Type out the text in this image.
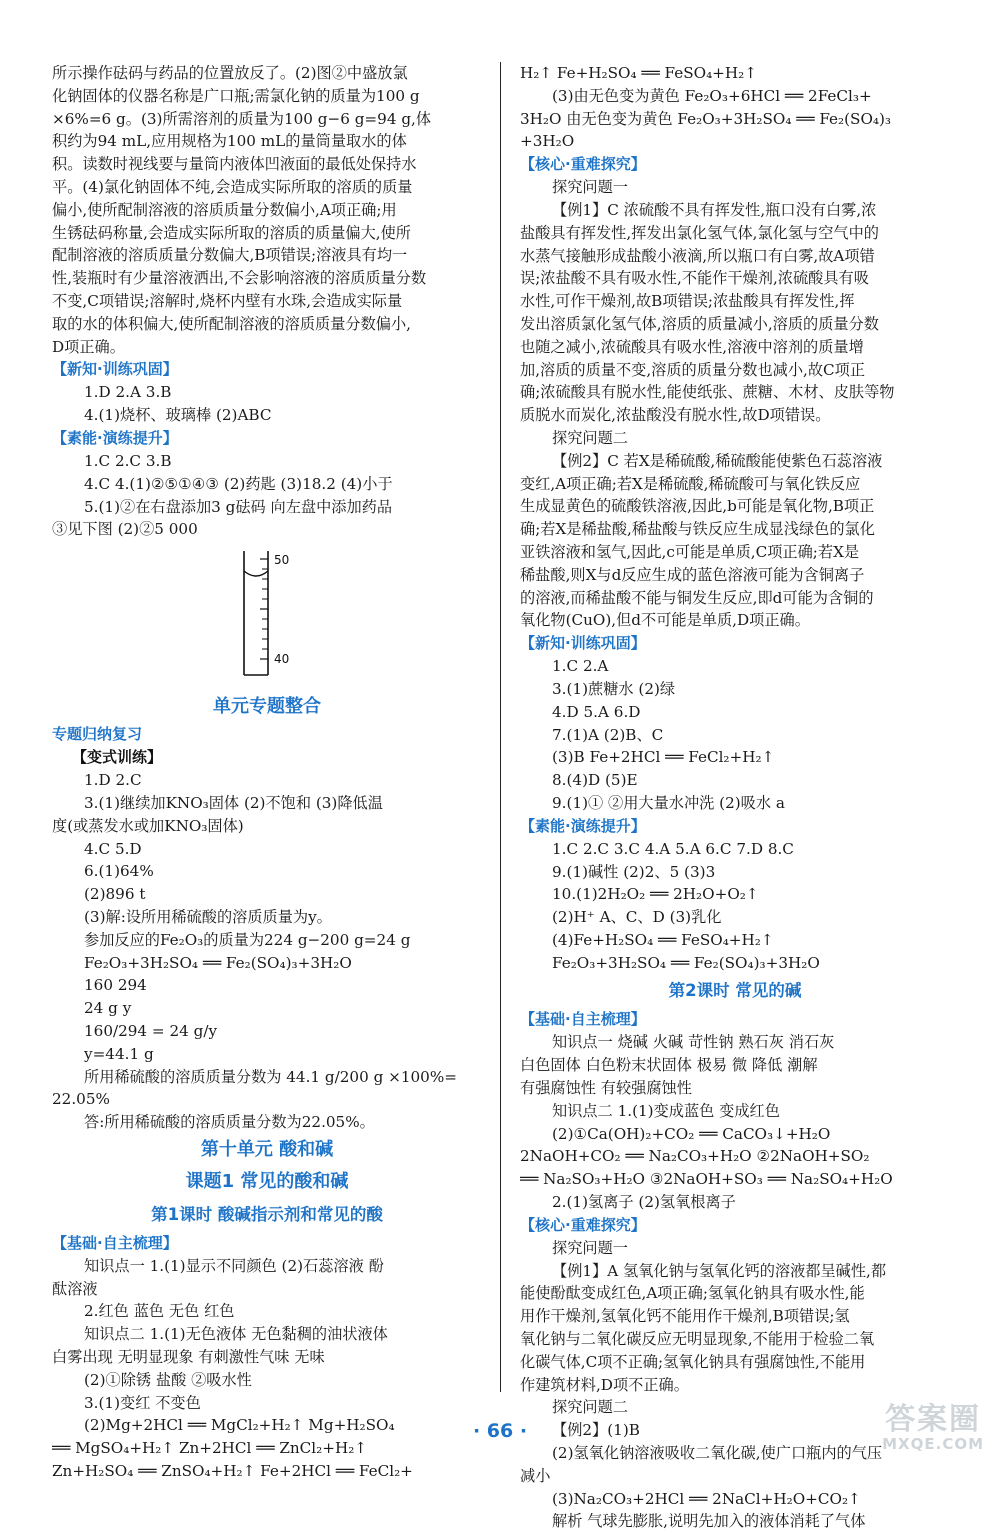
所示操作砝码与药品的位置放反了。(2)图②中盛放氯
化钠固体的仪器名称是广口瓶;需氯化钠的质量为100 g
×6%=6 g。(3)所需溶剂的质量为100 g−6 g=94 g,体
积约为94 mL,应用规格为100 mL的量筒量取水的体
积。读数时视线要与量筒内液体凹液面的最低处保持水
平。(4)氯化钠固体不纯,会造成实际所取的溶质的质量
偏小,使所配制溶液的溶质质量分数偏小,A项正确;用
生锈砝码称量,会造成实际所取的溶质的质量偏大,使所
配制溶液的溶质质量分数偏大,B项错误;溶液具有均一
性,装瓶时有少量溶液洒出,不会影响溶液的溶质质量分数
不变,C项错误;溶解时,烧杯内壁有水珠,会造成实际量
取的水的体积偏大,使所配制溶液的溶质质量分数偏小,
D项正确。
【新知·训练巩固】
1.D 2.A 3.B
4.(1)烧杯、玻璃棒 (2)ABC
【素能·演练提升】
1.C 2.C 3.B
4.C 4.(1)②⑤①④③ (2)药匙 (3)18.2 (4)小于
5.(1)②在右盘添加3 g砝码 向左盘中添加药品
③见下图 (2)②5 000
50
40
单元专题整合
专题归纳复习
【变式训练】
1.D 2.C
3.(1)继续加KNO₃固体 (2)不饱和 (3)降低温
度(或蒸发水或加KNO₃固体)
4.C 5.D
6.(1)64%
(2)896 t
(3)解:设所用稀硫酸的溶质质量为y。
参加反应的Fe₂O₃的质量为224 g−200 g=24 g
Fe₂O₃+3H₂SO₄ ══ Fe₂(SO₄)₃+3H₂O
160 294
24 g y
160/294 = 24 g/y
y=44.1 g
所用稀硫酸的溶质质量分数为 44.1 g/200 g ×100%=
22.05%
答:所用稀硫酸的溶质质量分数为22.05%。
第十单元 酸和碱
课题1 常见的酸和碱
第1课时 酸碱指示剂和常见的酸
【基础·自主梳理】
知识点一 1.(1)显示不同颜色 (2)石蕊溶液 酚
酞溶液
2.红色 蓝色 无色 红色
知识点二 1.(1)无色液体 无色黏稠的油状液体
白雾出现 无明显现象 有刺激性气味 无味
(2)①除锈 盐酸 ②吸水性
3.(1)变红 不变色
(2)Mg+2HCl ══ MgCl₂+H₂↑ Mg+H₂SO₄
══ MgSO₄+H₂↑ Zn+2HCl ══ ZnCl₂+H₂↑
Zn+H₂SO₄ ══ ZnSO₄+H₂↑ Fe+2HCl ══ FeCl₂+
H₂↑ Fe+H₂SO₄ ══ FeSO₄+H₂↑
(3)由无色变为黄色 Fe₂O₃+6HCl ══ 2FeCl₃+
3H₂O 由无色变为黄色 Fe₂O₃+3H₂SO₄ ══ Fe₂(SO₄)₃
+3H₂O
【核心·重难探究】
探究问题一
【例1】C 浓硫酸不具有挥发性,瓶口没有白雾,浓
盐酸具有挥发性,挥发出氯化氢气体,氯化氢与空气中的
水蒸气接触形成盐酸小液滴,所以瓶口有白雾,故A项错
误;浓盐酸不具有吸水性,不能作干燥剂,浓硫酸具有吸
水性,可作干燥剂,故B项错误;浓盐酸具有挥发性,挥
发出溶质氯化氢气体,溶质的质量减小,溶质的质量分数
也随之减小,浓硫酸具有吸水性,溶液中溶剂的质量增
加,溶质的质量不变,溶质的质量分数也减小,故C项正
确;浓硫酸具有脱水性,能使纸张、蔗糖、木材、皮肤等物
质脱水而炭化,浓盐酸没有脱水性,故D项错误。
探究问题二
【例2】C 若X是稀硫酸,稀硫酸能使紫色石蕊溶液
变红,A项正确;若X是稀硫酸,稀硫酸可与氧化铁反应
生成显黄色的硫酸铁溶液,因此,b可能是氧化物,B项正
确;若X是稀盐酸,稀盐酸与铁反应生成显浅绿色的氯化
亚铁溶液和氢气,因此,c可能是单质,C项正确;若X是
稀盐酸,则X与d反应生成的蓝色溶液可能为含铜离子
的溶液,而稀盐酸不能与铜发生反应,即d可能为含铜的
氧化物(CuO),但d不可能是单质,D项正确。
【新知·训练巩固】
1.C 2.A
3.(1)蔗糖水 (2)绿
4.D 5.A 6.D
7.(1)A (2)B、C
(3)B Fe+2HCl ══ FeCl₂+H₂↑
8.(4)D (5)E
9.(1)① ②用大量水冲洗 (2)吸水 a
【素能·演练提升】
1.C 2.C 3.C 4.A 5.A 6.C 7.D 8.C
9.(1)碱性 (2)2、5 (3)3
10.(1)2H₂O₂ ══ 2H₂O+O₂↑
(2)H⁺ A、C、D (3)乳化
(4)Fe+H₂SO₄ ══ FeSO₄+H₂↑
Fe₂O₃+3H₂SO₄ ══ Fe₂(SO₄)₃+3H₂O
第2课时 常见的碱
【基础·自主梳理】
知识点一 烧碱 火碱 苛性钠 熟石灰 消石灰
白色固体 白色粉末状固体 极易 微 降低 潮解
有强腐蚀性 有较强腐蚀性
知识点二 1.(1)变成蓝色 变成红色
(2)①Ca(OH)₂+CO₂ ══ CaCO₃↓+H₂O
2NaOH+CO₂ ══ Na₂CO₃+H₂O ②2NaOH+SO₂
══ Na₂SO₃+H₂O ③2NaOH+SO₃ ══ Na₂SO₄+H₂O
2.(1)氢离子 (2)氢氧根离子
【核心·重难探究】
探究问题一
【例1】A 氢氧化钠与氢氧化钙的溶液都呈碱性,都
能使酚酞变成红色,A项正确;氢氧化钠具有吸水性,能
用作干燥剂,氢氧化钙不能用作干燥剂,B项错误;氢
氧化钠与二氧化碳反应无明显现象,不能用于检验二氧
化碳气体,C项不正确;氢氧化钠具有强腐蚀性,不能用
作建筑材料,D项不正确。
探究问题二
【例2】(1)B
(2)氢氧化钠溶液吸收二氧化碳,使广口瓶内的气压
减小
(3)Na₂CO₃+2HCl ══ 2NaCl+H₂O+CO₂↑
解析 气球先膨胀,说明先加入的液体消耗了气体
· 66 ·	答案圈
MXQE.COM
